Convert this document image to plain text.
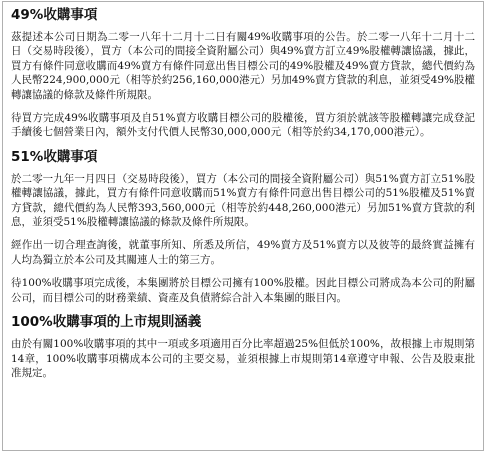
49%收購事項

茲提述本公司日期為二零一八年十二月十二日有關49%收購事項的公告。於二零一八年十二月十二日（交易時段後），買方（本公司的間接全資附屬公司）與49%賣方訂立49%股權轉讓協議，據此，買方有條件同意收購而49%賣方有條件同意出售目標公司的49%股權及49%賣方貸款，總代價約為人民幣224,900,000元（相等於約256,160,000港元）另加49%賣方貸款的利息，並須受49%股權轉讓協議的條款及條件所規限。

待買方完成49%收購事項及自51%賣方收購目標公司的股權後，買方須於就該等股權轉讓完成登記手續後七個營業日內，額外支付代價人民幣30,000,000元（相等於約34,170,000港元）。

51%收購事項

於二零一九年一月四日（交易時段後），買方（本公司的間接全資附屬公司）與51%賣方訂立51%股權轉讓協議，據此，買方有條件同意收購而51%賣方有條件同意出售目標公司的51%股權及51%賣方貸款，總代價約為人民幣393,560,000元（相等於約448,260,000港元）另加51%賣方貸款的利息，並須受51%股權轉讓協議的條款及條件所規限。

經作出一切合理查詢後，就董事所知、所悉及所信，49%賣方及51%賣方以及彼等的最終實益擁有人均為獨立於本公司及其關連人士的第三方。

待100%收購事項完成後，本集團將於目標公司擁有100%股權。因此目標公司將成為本公司的附屬公司，而目標公司的財務業績、資產及負債將綜合計入本集團的賬目內。

100%收購事項的上市規則涵義

由於有關100%收購事項的其中一項或多項適用百分比率超過25%但低於100%，故根據上市規則第14章，100%收購事項構成本公司的主要交易，並須根據上市規則第14章遵守申報、公告及股東批准規定。
